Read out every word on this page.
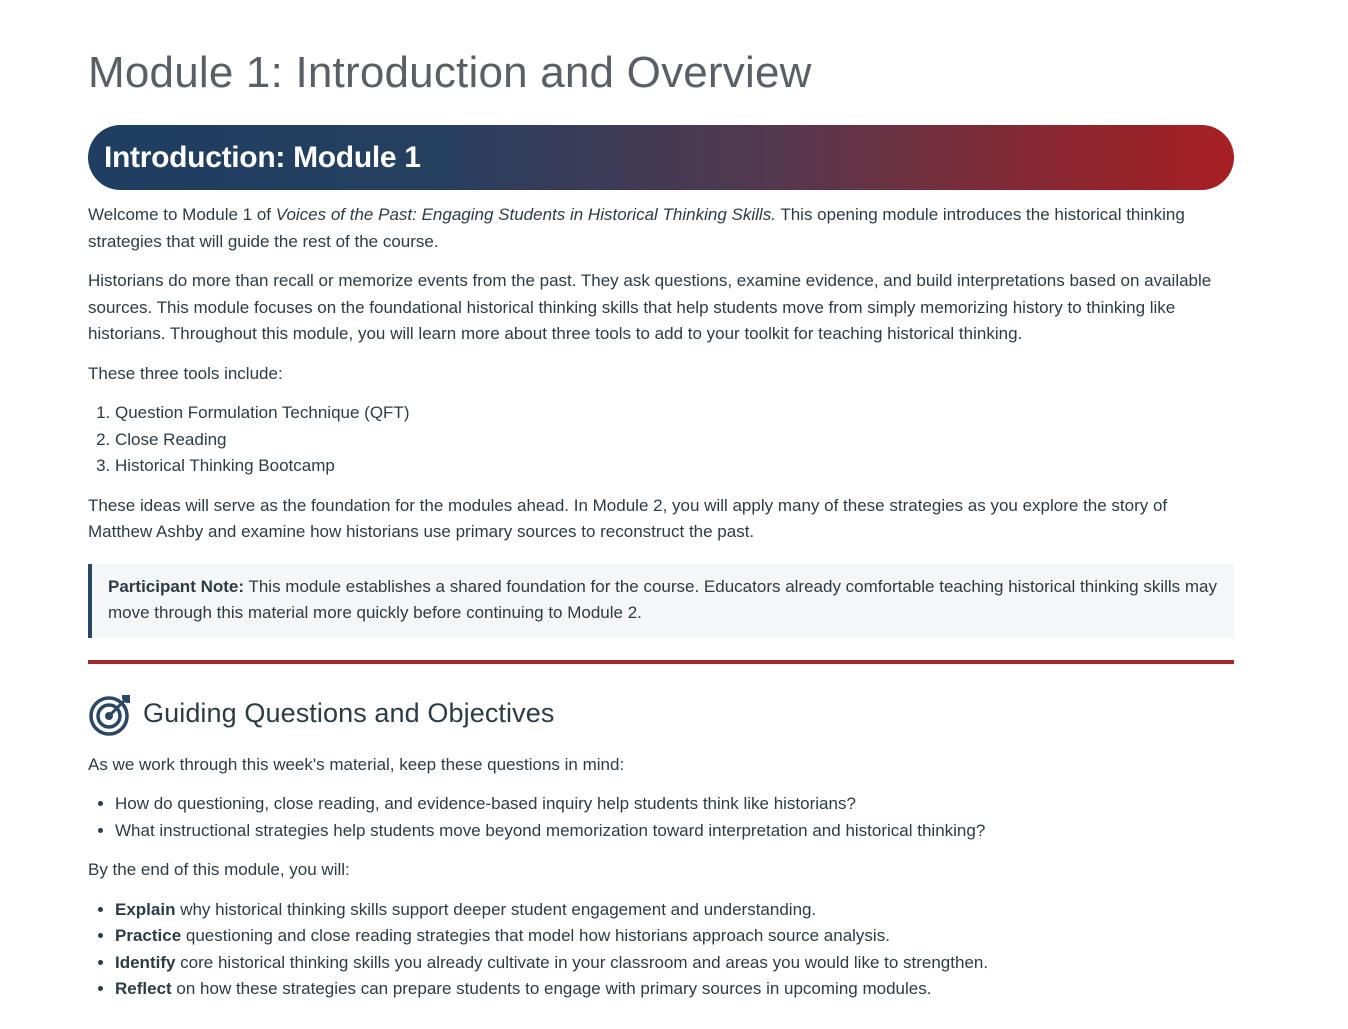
Module 1: Introduction and Overview
Introduction: Module 1

Welcome to Module 1 of Voices of the Past: Engaging Students in Historical Thinking Skills. This opening module introduces the historical thinking strategies that will guide the rest of the course.

Historians do more than recall or memorize events from the past. They ask questions, examine evidence, and build interpretations based on available sources. This module focuses on the foundational historical thinking skills that help students move from simply memorizing history to thinking like historians. Throughout this module, you will learn more about three tools to add to your toolkit for teaching historical thinking.

These three tools include:

1. Question Formulation Technique (QFT)
2. Close Reading
3. Historical Thinking Bootcamp

These ideas will serve as the foundation for the modules ahead. In Module 2, you will apply many of these strategies as you explore the story of Matthew Ashby and examine how historians use primary sources to reconstruct the past.

Participant Note: This module establishes a shared foundation for the course. Educators already comfortable teaching historical thinking skills may move through this material more quickly before continuing to Module 2.
Guiding Questions and Objectives

As we work through this week's material, keep these questions in mind:

• How do questioning, close reading, and evidence-based inquiry help students think like historians?
• What instructional strategies help students move beyond memorization toward interpretation and historical thinking?

By the end of this module, you will:

• Explain why historical thinking skills support deeper student engagement and understanding.
• Practice questioning and close reading strategies that model how historians approach source analysis.
• Identify core historical thinking skills you already cultivate in your classroom and areas you would like to strengthen.
• Reflect on how these strategies can prepare students to engage with primary sources in upcoming modules.
